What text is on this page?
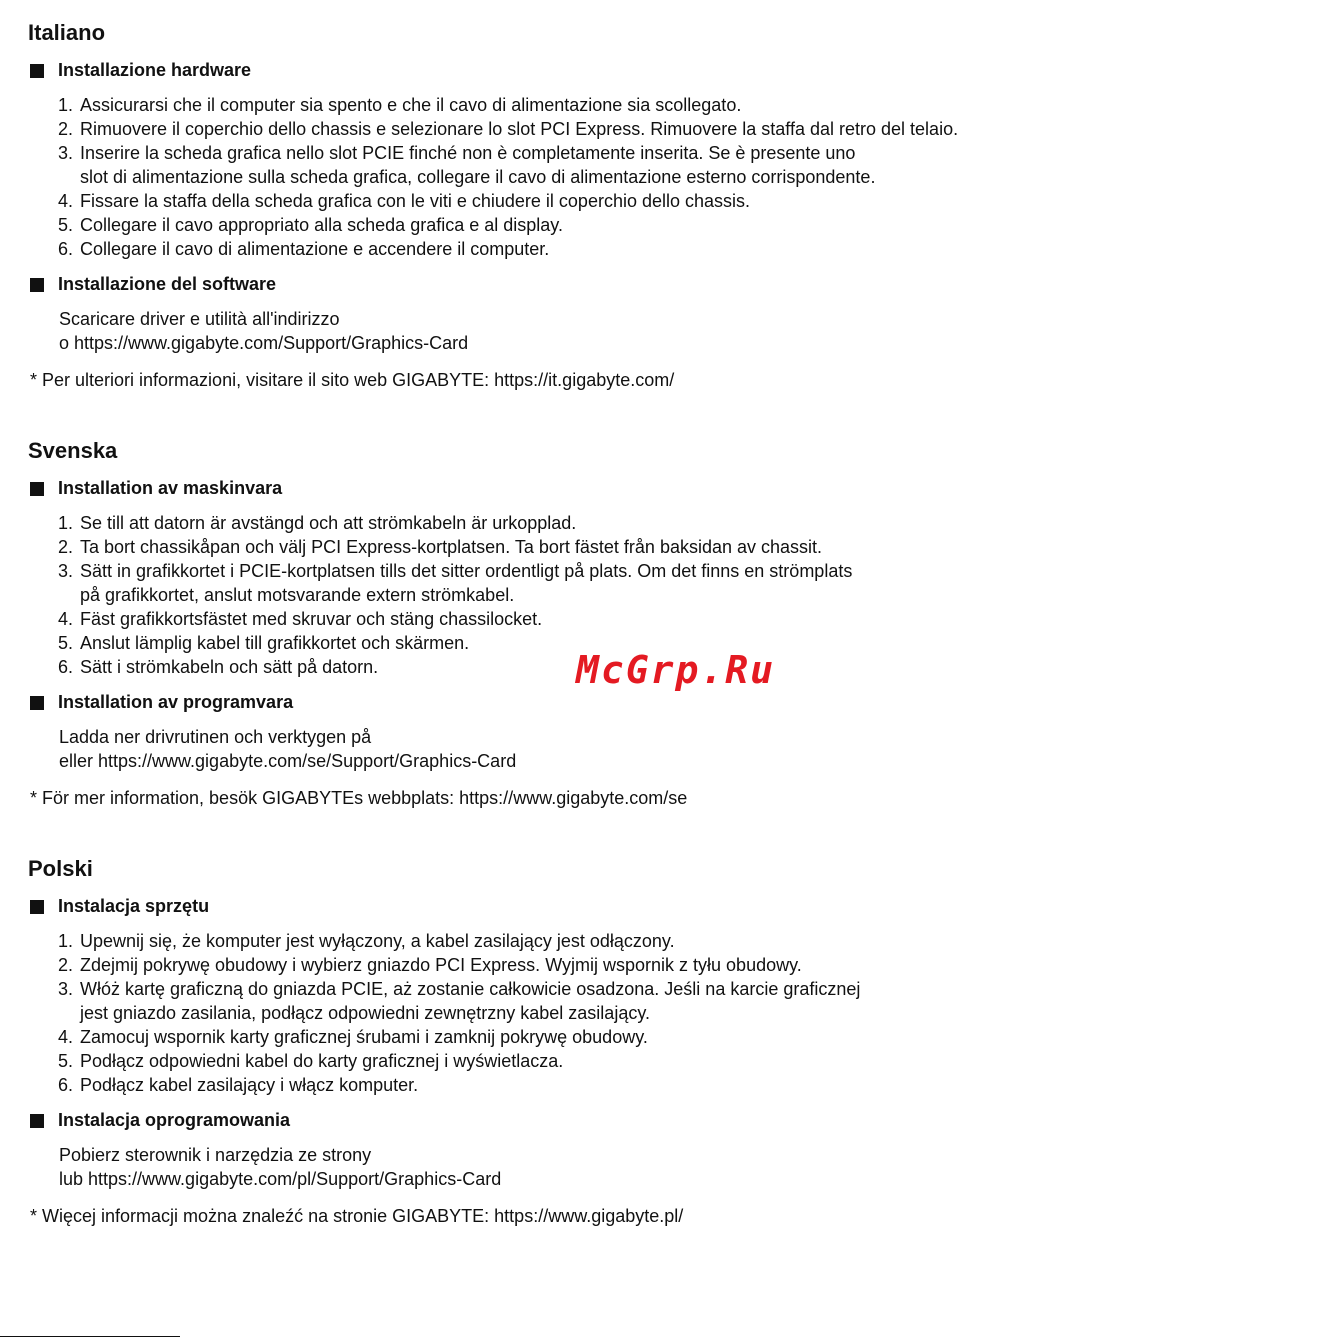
Italiano
Installazione hardware
1. Assicurarsi che il computer sia spento e che il cavo di alimentazione sia scollegato.
2. Rimuovere il coperchio dello chassis e selezionare lo slot PCI Express. Rimuovere la staffa dal retro del telaio.
3. Inserire la scheda grafica nello slot PCIE finché non è completamente inserita. Se è presente uno
slot di alimentazione sulla scheda grafica, collegare il cavo di alimentazione esterno corrispondente.
4. Fissare la staffa della scheda grafica con le viti e chiudere il coperchio dello chassis.
5. Collegare il cavo appropriato alla scheda grafica e al display.
6. Collegare il cavo di alimentazione e accendere il computer.
Installazione del software
Scaricare driver e utilità all'indirizzo
o https://www.gigabyte.com/Support/Graphics-Card
* Per ulteriori informazioni, visitare il sito web GIGABYTE: https://it.gigabyte.com/
Svenska
Installation av maskinvara
1. Se till att datorn är avstängd och att strömkabeln är urkopplad.
2. Ta bort chassikåpan och välj PCI Express-kortplatsen. Ta bort fästet från baksidan av chassit.
3. Sätt in grafikkortet i PCIE-kortplatsen tills det sitter ordentligt på plats. Om det finns en strömplats
på grafikkortet, anslut motsvarande extern strömkabel.
4. Fäst grafikkortsfästet med skruvar och stäng chassilocket.
5. Anslut lämplig kabel till grafikkortet och skärmen.
6. Sätt i strömkabeln och sätt på datorn.
Installation av programvara
Ladda ner drivrutinen och verktygen på
eller https://www.gigabyte.com/se/Support/Graphics-Card
* För mer information, besök GIGABYTEs webbplats: https://www.gigabyte.com/se
Polski
Instalacja sprzętu
1. Upewnij się, że komputer jest wyłączony, a kabel zasilający jest odłączony.
2. Zdejmij pokrywę obudowy i wybierz gniazdo PCI Express. Wyjmij wspornik z tyłu obudowy.
3. Włóż kartę graficzną do gniazda PCIE, aż zostanie całkowicie osadzona. Jeśli na karcie graficznej
jest gniazdo zasilania, podłącz odpowiedni zewnętrzny kabel zasilający.
4. Zamocuj wspornik karty graficznej śrubami i zamknij pokrywę obudowy.
5. Podłącz odpowiedni kabel do karty graficznej i wyświetlacza.
6. Podłącz kabel zasilający i włącz komputer.
Instalacja oprogramowania
Pobierz sterownik i narzędzia ze strony
lub https://www.gigabyte.com/pl/Support/Graphics-Card
* Więcej informacji można znaleźć na stronie GIGABYTE: https://www.gigabyte.pl/
McGrp.Ru
